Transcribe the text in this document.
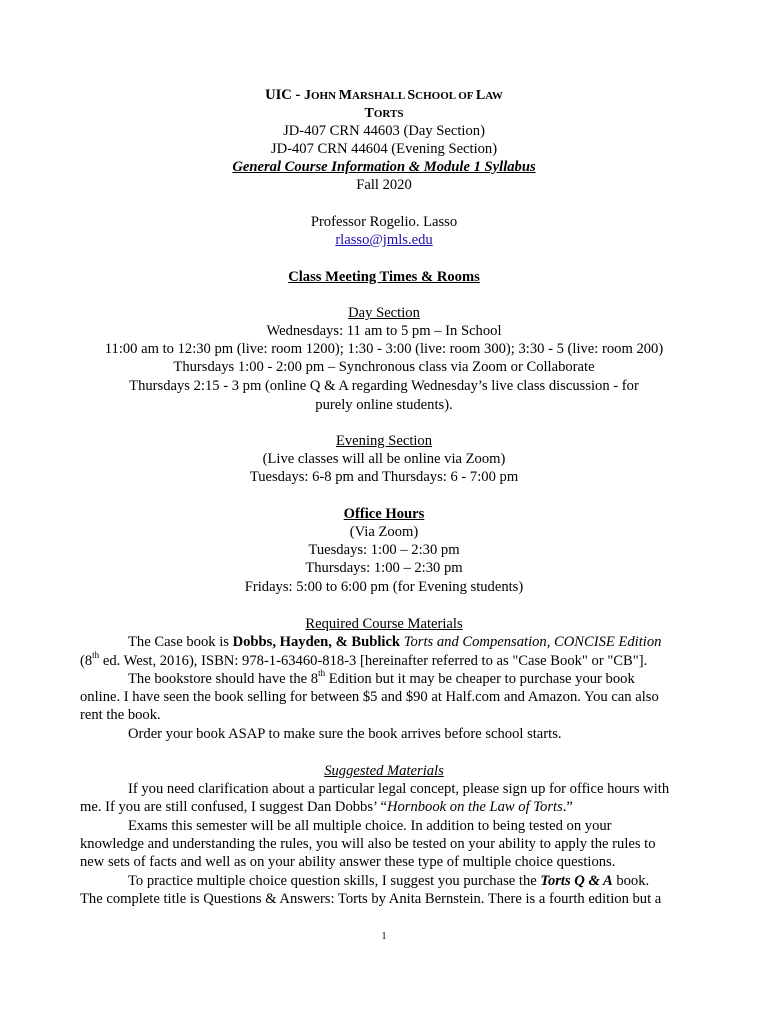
UIC - JOHN MARSHALL SCHOOL OF LAW
TORTS
JD-407 CRN 44603 (Day Section)
JD-407 CRN 44604 (Evening Section)
General Course Information & Module 1 Syllabus
Fall 2020
Professor Rogelio. Lasso
rlasso@jmls.edu
Class Meeting Times & Rooms
Day Section
Wednesdays: 11 am to 5 pm – In School
11:00 am to 12:30 pm (live: room 1200); 1:30 - 3:00 (live: room 300); 3:30 - 5 (live: room 200)
Thursdays 1:00 - 2:00 pm – Synchronous class via Zoom or Collaborate
Thursdays 2:15 - 3 pm (online Q & A regarding Wednesday’s live class discussion - for
purely online students).
Evening Section
(Live classes will all be online via Zoom)
Tuesdays: 6-8 pm and Thursdays: 6 - 7:00 pm
Office Hours
(Via Zoom)
Tuesdays: 1:00 – 2:30 pm
Thursdays: 1:00 – 2:30 pm
Fridays: 5:00 to 6:00 pm (for Evening students)
Required Course Materials
The Case book is Dobbs, Hayden, & Bublick Torts and Compensation, CONCISE Edition
(8th ed. West, 2016), ISBN: 978-1-63460-818-3 [hereinafter referred to as "Case Book" or "CB"].
The bookstore should have the 8th Edition but it may be cheaper to purchase your book
online. I have seen the book selling for between $5 and $90 at Half.com and Amazon. You can also
rent the book.
Order your book ASAP to make sure the book arrives before school starts.
Suggested Materials
If you need clarification about a particular legal concept, please sign up for office hours with
me. If you are still confused, I suggest Dan Dobbs’ “Hornbook on the Law of Torts.”
Exams this semester will be all multiple choice. In addition to being tested on your
knowledge and understanding the rules, you will also be tested on your ability to apply the rules to
new sets of facts and well as on your ability answer these type of multiple choice questions.
To practice multiple choice question skills, I suggest you purchase the Torts Q & A book.
The complete title is Questions & Answers: Torts by Anita Bernstein. There is a fourth edition but a
1
